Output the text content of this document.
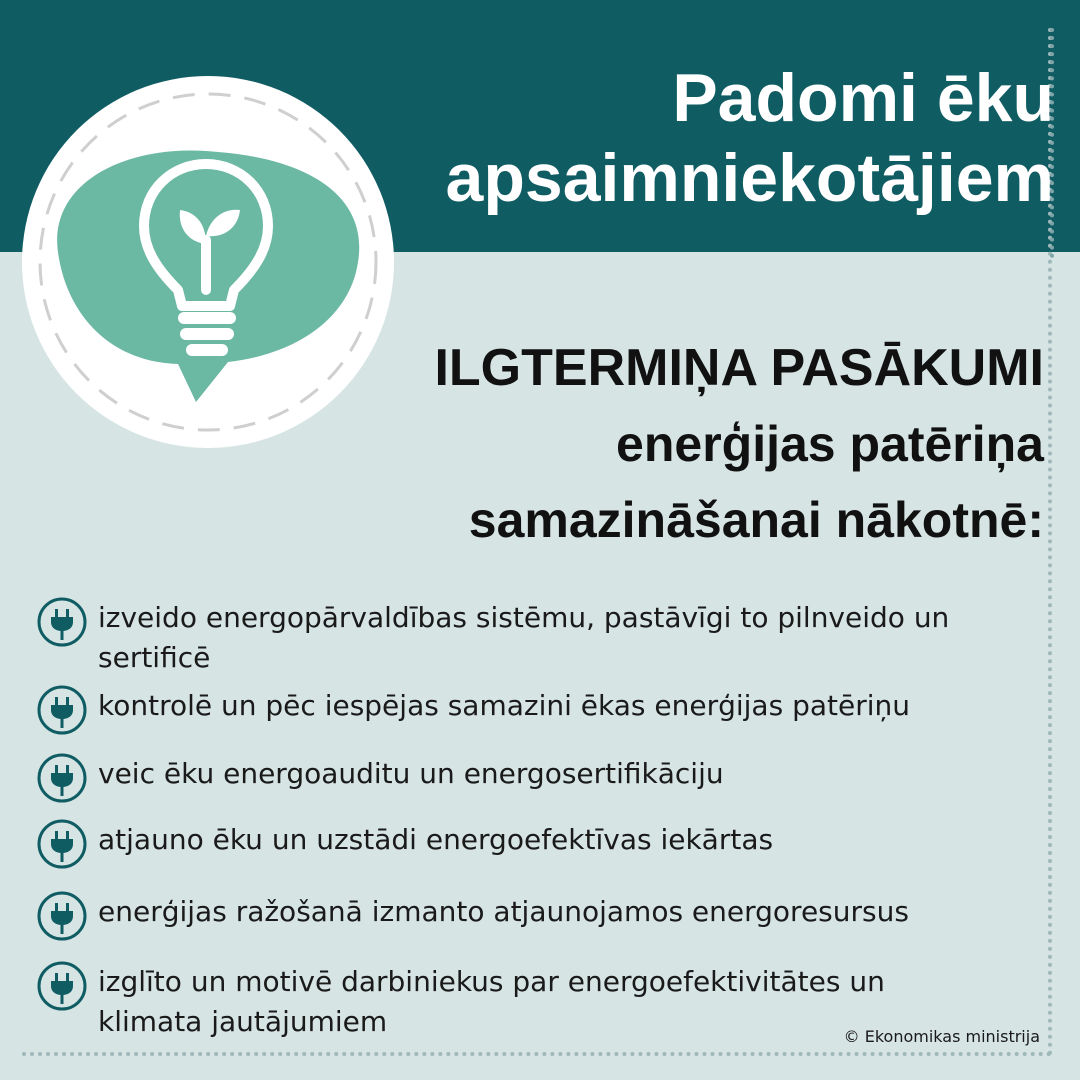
Padomi ēku
apsaimniekotājiem
ILGTERMIŅA PASĀKUMI
enerģijas patēriņa
samazināšanai nākotnē:
izveido energopārvaldības sistēmu, pastāvīgi to pilnveido un sertificē
kontrolē un pēc iespējas samazini ēkas enerģijas patēriņu
veic ēku energoauditu un energosertifikāciju
atjauno ēku un uzstādi energoefektīvas iekārtas
enerģijas ražošanā izmanto atjaunojamos energoresursus
izglīto un motivē darbiniekus par energoefektivitātes un klimata jautājumiem	© Ekonomikas ministrija
